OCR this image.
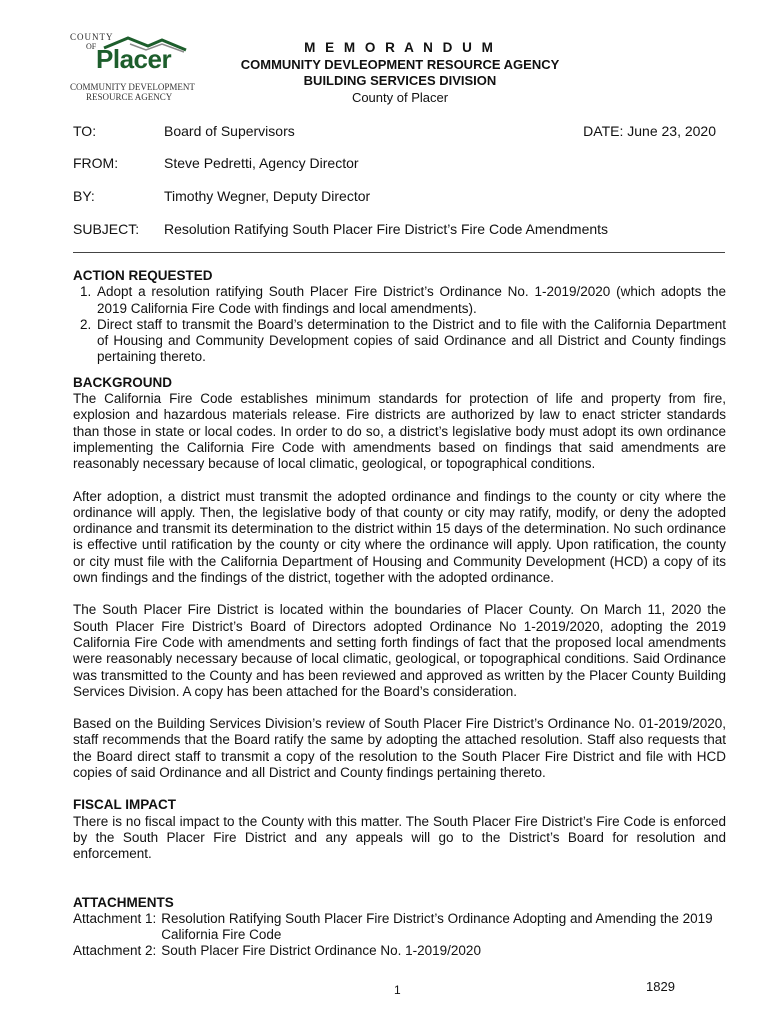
COUNTY
OF Placer
COMMUNITY DEVELOPMENT
RESOURCE AGENCY
M E M O R A N D U M
COMMUNITY DEVLEOPMENT RESOURCE AGENCY
BUILDING SERVICES DIVISION
County of Placer
TO:	Board of Supervisors	DATE: June 23, 2020
FROM:	Steve Pedretti, Agency Director
BY:	Timothy Wegner, Deputy Director
SUBJECT: Resolution Ratifying South Placer Fire District’s Fire Code Amendments
ACTION REQUESTED
1. Adopt a resolution ratifying South Placer Fire District’s Ordinance No. 1-2019/2020 (which adopts the 2019 California Fire Code with findings and local amendments).
2. Direct staff to transmit the Board’s determination to the District and to file with the California Department of Housing and Community Development copies of said Ordinance and all District and County findings pertaining thereto.
BACKGROUND

The California Fire Code establishes minimum standards for protection of life and property from fire, explosion and hazardous materials release. Fire districts are authorized by law to enact stricter standards than those in state or local codes. In order to do so, a district’s legislative body must adopt its own ordinance implementing the California Fire Code with amendments based on findings that said amendments are reasonably necessary because of local climatic, geological, or topographical conditions.

After adoption, a district must transmit the adopted ordinance and findings to the county or city where the ordinance will apply. Then, the legislative body of that county or city may ratify, modify, or deny the adopted ordinance and transmit its determination to the district within 15 days of the determination. No such ordinance is effective until ratification by the county or city where the ordinance will apply. Upon ratification, the county or city must file with the California Department of Housing and Community Development (HCD) a copy of its own findings and the findings of the district, together with the adopted ordinance.

The South Placer Fire District is located within the boundaries of Placer County. On March 11, 2020 the South Placer Fire District’s Board of Directors adopted Ordinance No 1-2019/2020, adopting the 2019 California Fire Code with amendments and setting forth findings of fact that the proposed local amendments were reasonably necessary because of local climatic, geological, or topographical conditions. Said Ordinance was transmitted to the County and has been reviewed and approved as written by the Placer County Building Services Division. A copy has been attached for the Board’s consideration.

Based on the Building Services Division’s review of South Placer Fire District’s Ordinance No. 01-2019/2020, staff recommends that the Board ratify the same by adopting the attached resolution. Staff also requests that the Board direct staff to transmit a copy of the resolution to the South Placer Fire District and file with HCD copies of said Ordinance and all District and County findings pertaining thereto.

FISCAL IMPACT

There is no fiscal impact to the County with this matter. The South Placer Fire District’s Fire Code is enforced by the South Placer Fire District and any appeals will go to the District’s Board for resolution and enforcement.

ATTACHMENTS
Attachment 1: Resolution Ratifying South Placer Fire District’s Ordinance Adopting and Amending the 2019 California Fire Code
Attachment 2: South Placer Fire District Ordinance No. 1-2019/2020
1	1829
